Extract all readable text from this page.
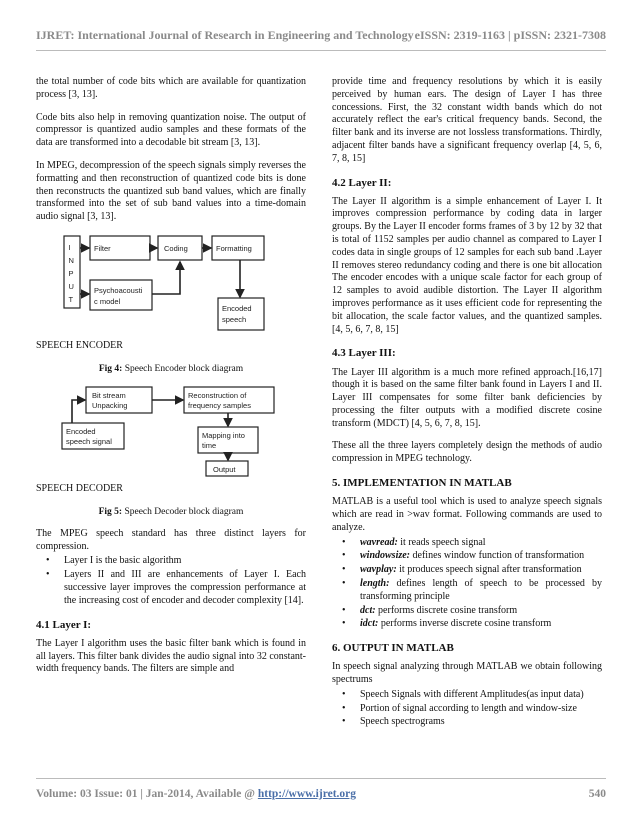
IJRET: International Journal of Research in Engineering and Technology eISSN: 2319-1163 | pISSN: 2321-7308

the total number of code bits which are available for quantization process [3, 13].

Code bits also help in removing quantization noise. The output of compressor is quantized audio samples and these formats of the data are transformed into a decodable bit stream [3, 13].

In MPEG, decompression of the speech signals simply reverses the formatting and then reconstruction of quantized code bits is done then reconstructs the quantized sub band values, which are finally transformed into the set of sub band values into a time-domain audio signal [3, 13].

I
N
P
U
T
Filter	Coding	Formatting
Psychoacousti
c model
Encoded
speech
SPEECH ENCODER
Fig 4: Speech Encoder block diagram
Bit stream
Unpacking
Reconstruction of
frequency samples
Encoded
speech signal
Mapping into
time
Output
SPEECH DECODER
Fig 5: Speech Decoder block diagram

The MPEG speech standard has three distinct layers for compression.

• Layer I is the basic algorithm
• Layers II and III are enhancements of Layer I. Each successive layer improves the compression performance at the increasing cost of encoder and decoder complexity [14].
4.1 Layer I:

The Layer I algorithm uses the basic filter bank which is found in all layers. This filter bank divides the audio signal into 32 constant-width frequency bands. The filters are simple and

provide time and frequency resolutions by which it is easily perceived by human ears. The design of Layer I has three concessions. First, the 32 constant width bands which do not accurately reflect the ear's critical frequency bands. Second, the filter bank and its inverse are not lossless transformations. Thirdly, adjacent filter bands have a significant frequency overlap [4, 5, 6, 7, 8, 15]

4.2 Layer II:

The Layer II algorithm is a simple enhancement of Layer I. It improves compression performance by coding data in larger groups. By the Layer II encoder forms frames of 3 by 12 by 32 that is total of 1152 samples per audio channel as compared to Layer I codes data in single groups of 12 samples for each sub band .Layer II removes stereo redundancy coding and there is one bit allocation The encoder encodes with a unique scale factor for each group of 12 samples to avoid audible distortion. The Layer II algorithm improves performance as it uses efficient code for representing the bit allocation, the scale factor values, and the quantized samples. [4, 5, 6, 7, 8, 15]

4.3 Layer III:

The Layer III algorithm is a much more refined approach.[16,17] though it is based on the same filter bank found in Layers I and II. Layer III compensates for some filter bank deficiencies by processing the filter outputs with a modified discrete cosine transform (MDCT) [4, 5, 6, 7, 8, 15].

These all the three layers completely design the methods of audio compression in MPEG technology.

5. IMPLEMENTATION IN MATLAB

MATLAB is a useful tool which is used to analyze speech signals which are read in >wav format. Following commands are used to analyze.

• wavread: it reads speech signal
• windowsize: defines window function of transformation
• wavplay: it produces speech signal after transformation
• length: defines length of speech to be processed by transforming principle
• dct: performs discrete cosine transform
• idct: performs inverse discrete cosine transform
6. OUTPUT IN MATLAB

In speech signal analyzing through MATLAB we obtain following spectrums

• Speech Signals with different Amplitudes(as input data)
• Portion of signal according to length and window-size
• Speech spectrograms
Volume: 03 Issue: 01 | Jan-2014, Available @ http://www.ijret.org	540
